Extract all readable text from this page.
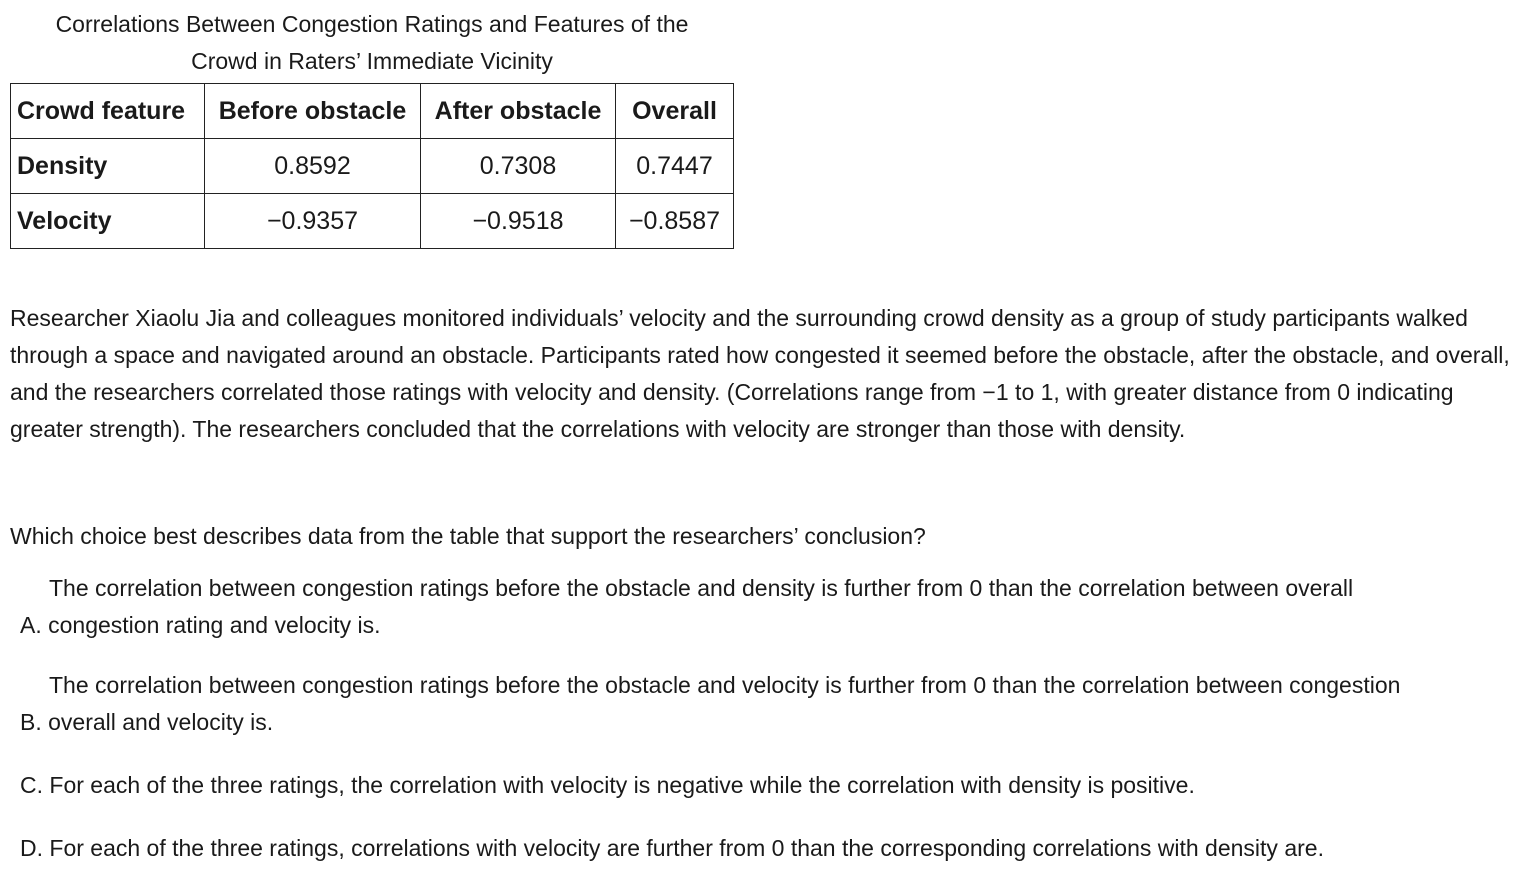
Correlations Between Congestion Ratings and Features of the
Crowd in Raters’ Immediate Vicinity
Crowd feature	Before obstacle	After obstacle	Overall
Density	0.8592	0.7308	0.7447
Velocity	−0.9357	−0.9518	−0.8587

Researcher Xiaolu Jia and colleagues monitored individuals’ velocity and the surrounding crowd density as a group of study participants walked through a space and navigated around an obstacle. Participants rated how congested it seemed before the obstacle, after the obstacle, and overall, and the researchers correlated those ratings with velocity and density. (Correlations range from −1 to 1, with greater distance from 0 indicating greater strength). The researchers concluded that the correlations with velocity are stronger than those with density.

Which choice best describes data from the table that support the researchers’ conclusion?

The correlation between congestion ratings before the obstacle and density is further from 0 than the correlation between overall
A. congestion rating and velocity is.
The correlation between congestion ratings before the obstacle and velocity is further from 0 than the correlation between congestion
B. overall and velocity is.
C. For each of the three ratings, the correlation with velocity is negative while the correlation with density is positive.
D. For each of the three ratings, correlations with velocity are further from 0 than the corresponding correlations with density are.
